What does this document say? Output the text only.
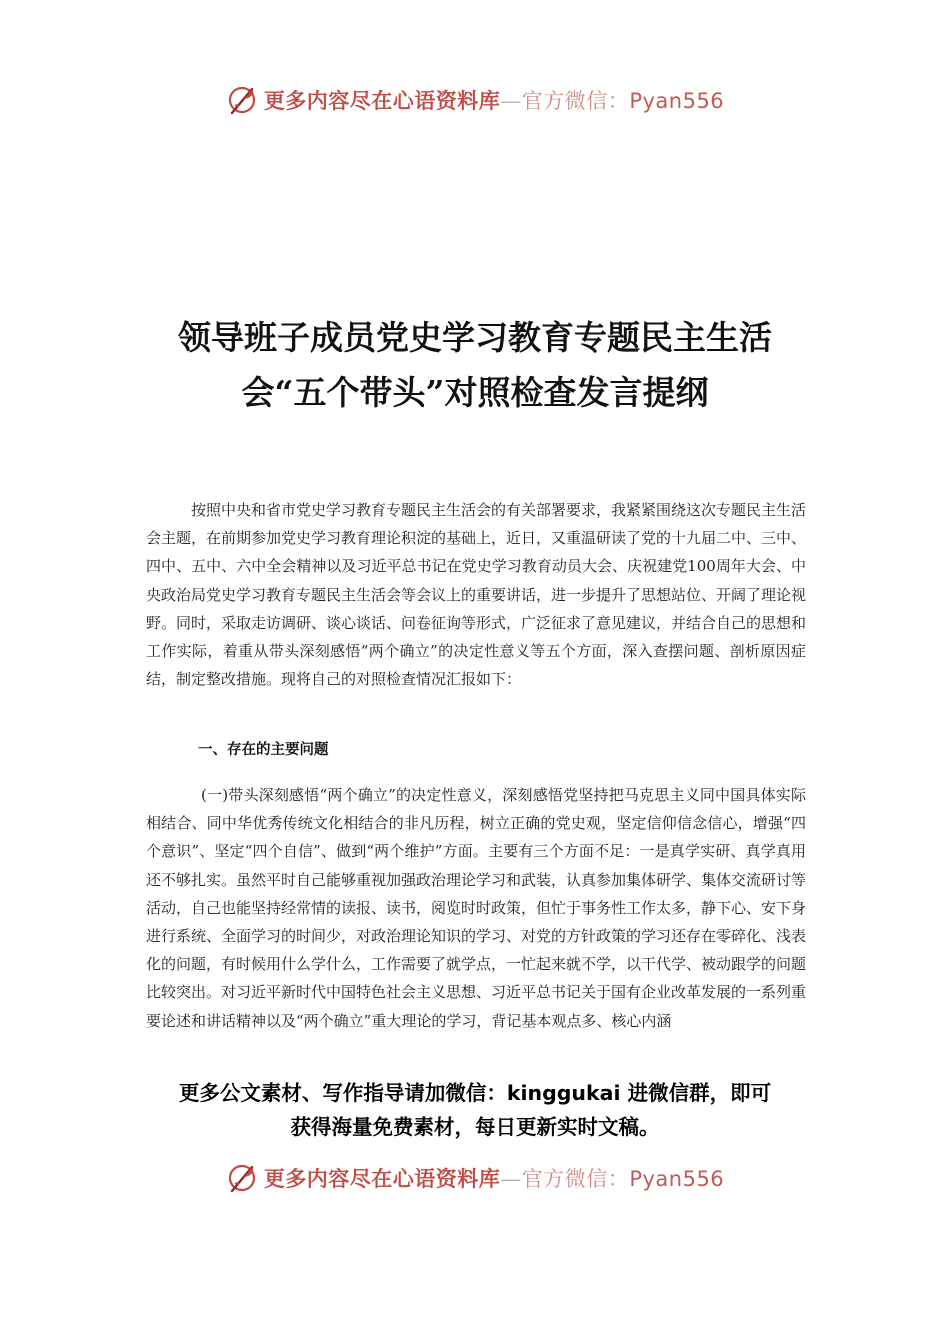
更多内容尽在心语资料库—官方微信：Pyan556
领导班子成员党史学习教育专题民主生活
会“五个带头”对照检查发言提纲

按照中央和省市党史学习教育专题民主生活会的有关部署要求，我紧紧围绕这次专题民主生活会主题，在前期参加党史学习教育理论积淀的基础上，近日，又重温研读了党的十九届二中、三中、四中、五中、六中全会精神以及习近平总书记在党史学习教育动员大会、庆祝建党100周年大会、中央政治局党史学习教育专题民主生活会等会议上的重要讲话，进一步提升了思想站位、开阔了理论视野。同时，采取走访调研、谈心谈话、问卷征询等形式，广泛征求了意见建议，并结合自己的思想和工作实际，着重从带头深刻感悟“两个确立”的决定性意义等五个方面，深入查摆问题、剖析原因症结，制定整改措施。现将自己的对照检查情况汇报如下：

一、存在的主要问题

(一)带头深刻感悟“两个确立”的决定性意义，深刻感悟党坚持把马克思主义同中国具体实际相结合、同中华优秀传统文化相结合的非凡历程，树立正确的党史观，坚定信仰信念信心，增强“四个意识”、坚定“四个自信”、做到“两个维护”方面。主要有三个方面不足：一是真学实研、真学真用还不够扎实。虽然平时自己能够重视加强政治理论学习和武装，认真参加集体研学、集体交流研讨等活动，自己也能坚持经常情的读报、读书，阅览时时政策，但忙于事务性工作太多，静下心、安下身进行系统、全面学习的时间少，对政治理论知识的学习、对党的方针政策的学习还存在零碎化、浅表化的问题，有时候用什么学什么，工作需要了就学点，一忙起来就不学，以干代学、被动跟学的问题比较突出。对习近平新时代中国特色社会主义思想、习近平总书记关于国有企业改革发展的一系列重要论述和讲话精神以及“两个确立”重大理论的学习，背记基本观点多、核心内涵

更多公文素材、写作指导请加微信：kinggukai 进微信群，即可
获得海量免费素材，每日更新实时文稿。
更多内容尽在心语资料库—官方微信：Pyan556
